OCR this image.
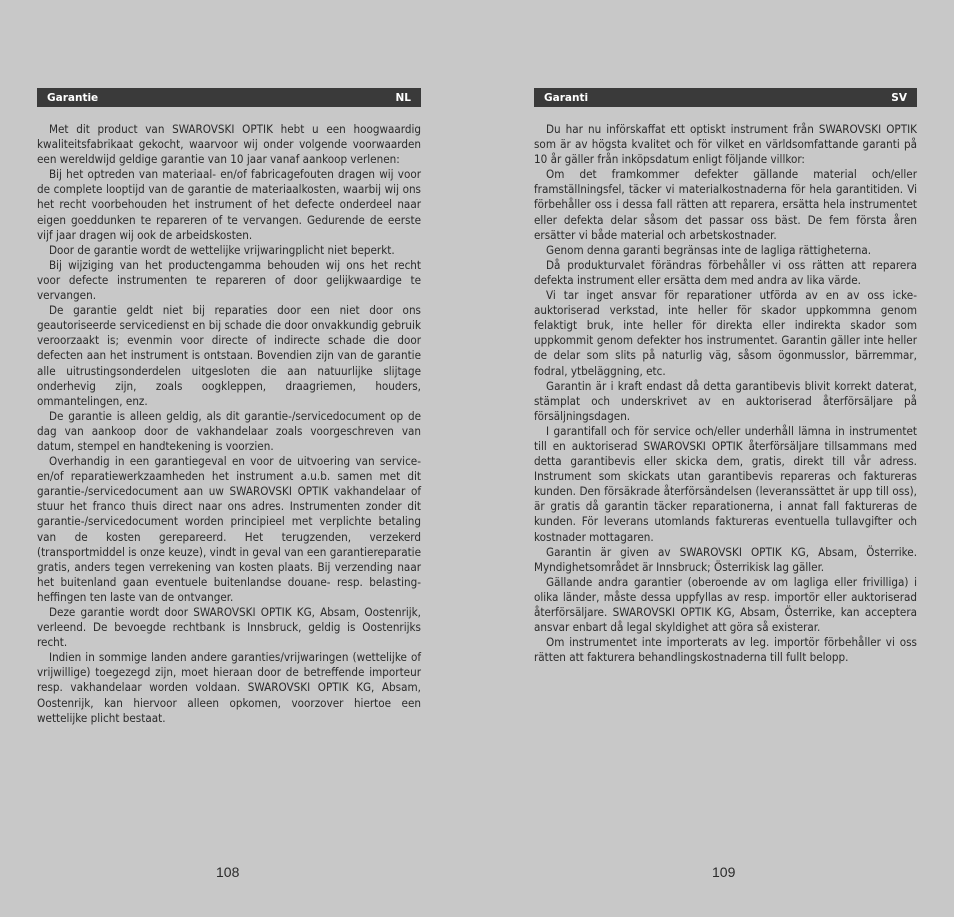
Garantie	NL

Met dit product van SWAROVSKI OPTIK hebt u een hoogwaardig kwaliteitsfabrikaat gekocht, waarvoor wij onder volgende voorwaarden een wereldwijd geldige garantie van 10 jaar vanaf aankoop verlenen:

Bij het optreden van materiaal- en/of fabricagefouten dragen wij voor de complete looptijd van de garantie de materiaalkosten, waarbij wij ons het recht voorbehouden het instrument of het defecte onderdeel naar eigen goeddunken te repareren of te vervangen. Gedurende de eerste vijf jaar dragen wij ook de arbeidskosten.

Door de garantie wordt de wettelijke vrijwaringplicht niet beperkt.

Bij wijziging van het productengamma behouden wij ons het recht voor defecte instrumenten te repareren of door gelijkwaardige te vervangen.

De garantie geldt niet bij reparaties door een niet door ons geautoriseerde servicedienst en bij schade die door onvakkundig gebruik veroorzaakt is; evenmin voor directe of indirecte schade die door defecten aan het instrument is ontstaan. Bovendien zijn van de garantie alle uitrustingsonderdelen uitgesloten die aan natuurlijke slijtage onderhevig zijn, zoals oogkleppen, draagriemen, houders, ommantelingen, enz.

De garantie is alleen geldig, als dit garantie-/servicedocument op de dag van aankoop door de vakhandelaar zoals voorgeschreven van datum, stempel en handtekening is voorzien.

Overhandig in een garantiegeval en voor de uitvoering van service- en/of reparatiewerkzaamheden het instrument a.u.b. samen met dit garantie-/servicedocument aan uw SWAROVSKI OPTIK vakhandelaar of stuur het franco thuis direct naar ons adres. Instrumenten zonder dit garantie-/servicedocument worden principieel met verplichte betaling van de kosten gerepareerd. Het terugzenden, verzekerd (transportmiddel is onze keuze), vindt in geval van een garantiereparatie gratis, anders tegen verrekening van kosten plaats. Bij verzending naar het buitenland gaan eventuele buitenlandse douane- resp. belastingheffingen ten laste van de ontvanger.

Deze garantie wordt door SWAROVSKI OPTIK KG, Absam, Oostenrijk, verleend. De bevoegde rechtbank is Innsbruck, geldig is Oostenrijks recht.

Indien in sommige landen andere garanties/vrijwaringen (wettelijke of vrijwillige) toegezegd zijn, moet hieraan door de betreffende importeur resp. vakhandelaar worden voldaan. SWAROVSKI OPTIK KG, Absam, Oostenrijk, kan hiervoor alleen opkomen, voorzover hiertoe een wettelijke plicht bestaat.

108
Garanti	SV

Du har nu införskaffat ett optiskt instrument från SWAROVSKI OPTIK som är av högsta kvalitet och för vilket en världsomfattande garanti på 10 år gäller från inköpsdatum enligt följande villkor:

Om det framkommer defekter gällande material och/eller framställningsfel, täcker vi materialkostnaderna för hela garantitiden. Vi förbehåller oss i dessa fall rätten att reparera, ersätta hela instrumentet eller defekta delar såsom det passar oss bäst. De fem första åren ersätter vi både material och arbetskostnader.

Genom denna garanti begränsas inte de lagliga rättigheterna.

Då produkturvalet förändras förbehåller vi oss rätten att reparera defekta instrument eller ersätta dem med andra av lika värde.

Vi tar inget ansvar för reparationer utförda av en av oss icke-auktoriserad verkstad, inte heller för skador uppkommna genom felaktigt bruk, inte heller för direkta eller indirekta skador som uppkommit genom defekter hos instrumentet. Garantin gäller inte heller de delar som slits på naturlig väg, såsom ögonmusslor, bärremmar, fodral, ytbeläggning, etc.

Garantin är i kraft endast då detta garantibevis blivit korrekt daterat, stämplat och underskrivet av en auktoriserad återförsäljare på försäljningsdagen.

I garantifall och för service och/eller underhåll lämna in instrumentet till en auktoriserad SWAROVSKI OPTIK återförsäljare tillsammans med detta garantibevis eller skicka dem, gratis, direkt till vår adress. Instrument som skickats utan garantibevis repareras och faktureras kunden. Den försäkrade återförsändelsen (leveranssättet är upp till oss), är gratis då garantin täcker reparationerna, i annat fall faktureras de kunden. För leverans utomlands faktureras eventuella tullavgifter och kostnader mottagaren.

Garantin är given av SWAROVSKI OPTIK KG, Absam, Österrike. Myndighetsområdet är Innsbruck; Österrikisk lag gäller.

Gällande andra garantier (oberoende av om lagliga eller frivilliga) i olika länder, måste dessa uppfyllas av resp. importör eller auktoriserad återförsäljare. SWAROVSKI OPTIK KG, Absam, Österrike, kan acceptera ansvar enbart då legal skyldighet att göra så existerar.

Om instrumentet inte importerats av leg. importör förbehåller vi oss rätten att fakturera behandlingskostnaderna till fullt belopp.

109
